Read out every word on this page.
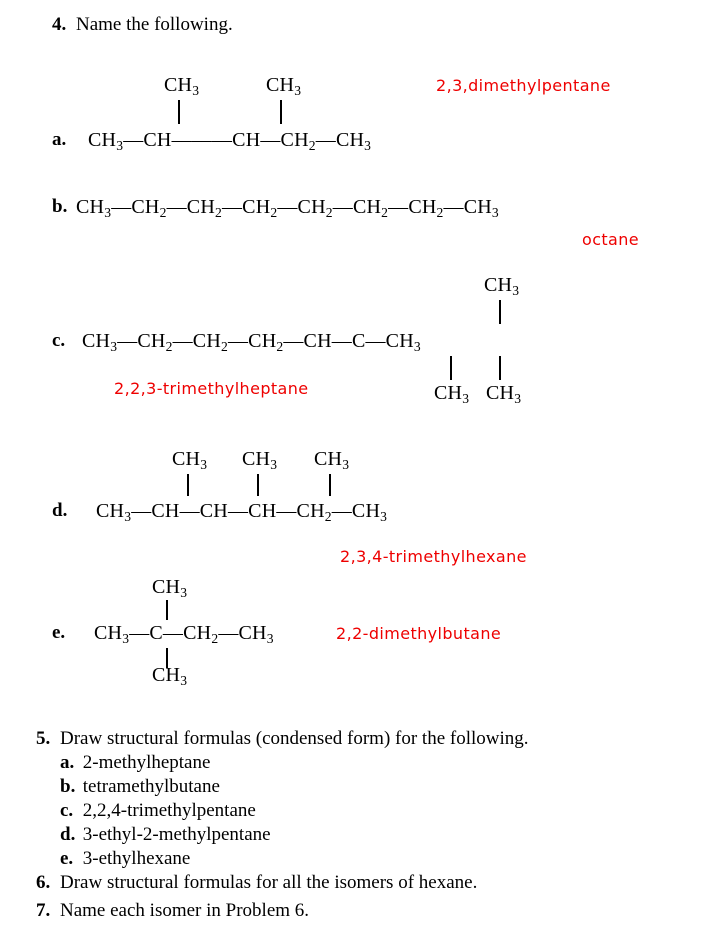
4. Name the following.
a.
$CH_3$	$CH_3$
$CH_3—CH———CH—CH_2—CH_3$
2,3,dimethylpentane
b. $CH_3—CH_2—CH_2—CH_2—CH_2—CH_2—CH_2—CH_3$
octane
c.
$CH_3$
$CH_3—CH_2—CH_2—CH_2—CH—C—CH_3$
$CH_3$ $CH_3$
2,2,3-trimethylheptane
d.
$CH_3$ $CH_3$ $CH_3$
$CH_3—CH—CH—CH—CH_2—CH_3$
2,3,4-trimethylhexane
e.
$CH_3$
$CH_3—C—CH_2—CH_3$
$CH_3$
2,2-dimethylbutane
5. Draw structural formulas (condensed form) for the following.
a. 2-methylheptane
b. tetramethylbutane
c. 2,2,4-trimethylpentane
d. 3-ethyl-2-methylpentane
e. 3-ethylhexane
6. Draw structural formulas for all the isomers of hexane.
7. Name each isomer in Problem 6.
